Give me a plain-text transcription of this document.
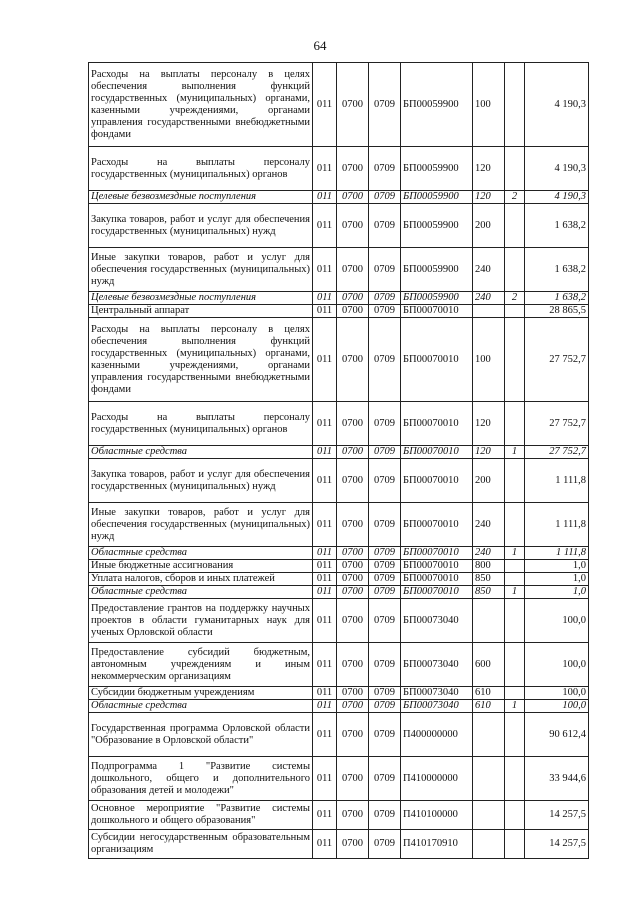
64
Расходы на выплаты персоналу в целях обеспечения выполнения функций государственных (муниципальных) органами, казенными учреждениями, органами управления государственными внебюджетными фондами	011	0700	0709	БП00059900	100		4 190,3
Расходы на выплаты персоналу государственных (муниципальных) органов	011	0700	0709	БП00059900	120		4 190,3
Целевые безвозмездные поступления	011	0700	0709	БП00059900	120	2	4 190,3
Закупка товаров, работ и услуг для обеспечения государственных (муниципальных) нужд	011	0700	0709	БП00059900	200		1 638,2
Иные закупки товаров, работ и услуг для обеспечения государственных (муниципальных) нужд	011	0700	0709	БП00059900	240		1 638,2
Целевые безвозмездные поступления	011	0700	0709	БП00059900	240	2	1 638,2
Центральный аппарат	011	0700	0709	БП00070010			28 865,5
Расходы на выплаты персоналу в целях обеспечения выполнения функций государственных (муниципальных) органами, казенными учреждениями, органами управления государственными внебюджетными фондами	011	0700	0709	БП00070010	100		27 752,7
Расходы на выплаты персоналу государственных (муниципальных) органов	011	0700	0709	БП00070010	120		27 752,7
Областные средства	011	0700	0709	БП00070010	120	1	27 752,7
Закупка товаров, работ и услуг для обеспечения государственных (муниципальных) нужд	011	0700	0709	БП00070010	200		1 111,8
Иные закупки товаров, работ и услуг для обеспечения государственных (муниципальных) нужд	011	0700	0709	БП00070010	240		1 111,8
Областные средства	011	0700	0709	БП00070010	240	1	1 111,8
Иные бюджетные ассигнования	011	0700	0709	БП00070010	800		1,0
Уплата налогов, сборов и иных платежей	011	0700	0709	БП00070010	850		1,0
Областные средства	011	0700	0709	БП00070010	850	1	1,0
Предоставление грантов на поддержку научных проектов в области гуманитарных наук для ученых Орловской области	011	0700	0709	БП00073040			100,0
Предоставление субсидий бюджетным, автономным учреждениям и иным некоммерческим организациям	011	0700	0709	БП00073040	600		100,0
Субсидии бюджетным учреждениям	011	0700	0709	БП00073040	610		100,0
Областные средства	011	0700	0709	БП00073040	610	1	100,0
Государственная программа Орловской области "Образование в Орловской области"	011	0700	0709	П400000000			90 612,4
Подпрограмма 1 "Развитие системы дошкольного, общего и дополнительного образования детей и молодежи"	011	0700	0709	П410000000			33 944,6
Основное мероприятие "Развитие системы дошкольного и общего образования"	011	0700	0709	П410100000			14 257,5
Субсидии негосударственным образовательным организациям	011	0700	0709	П410170910			14 257,5
